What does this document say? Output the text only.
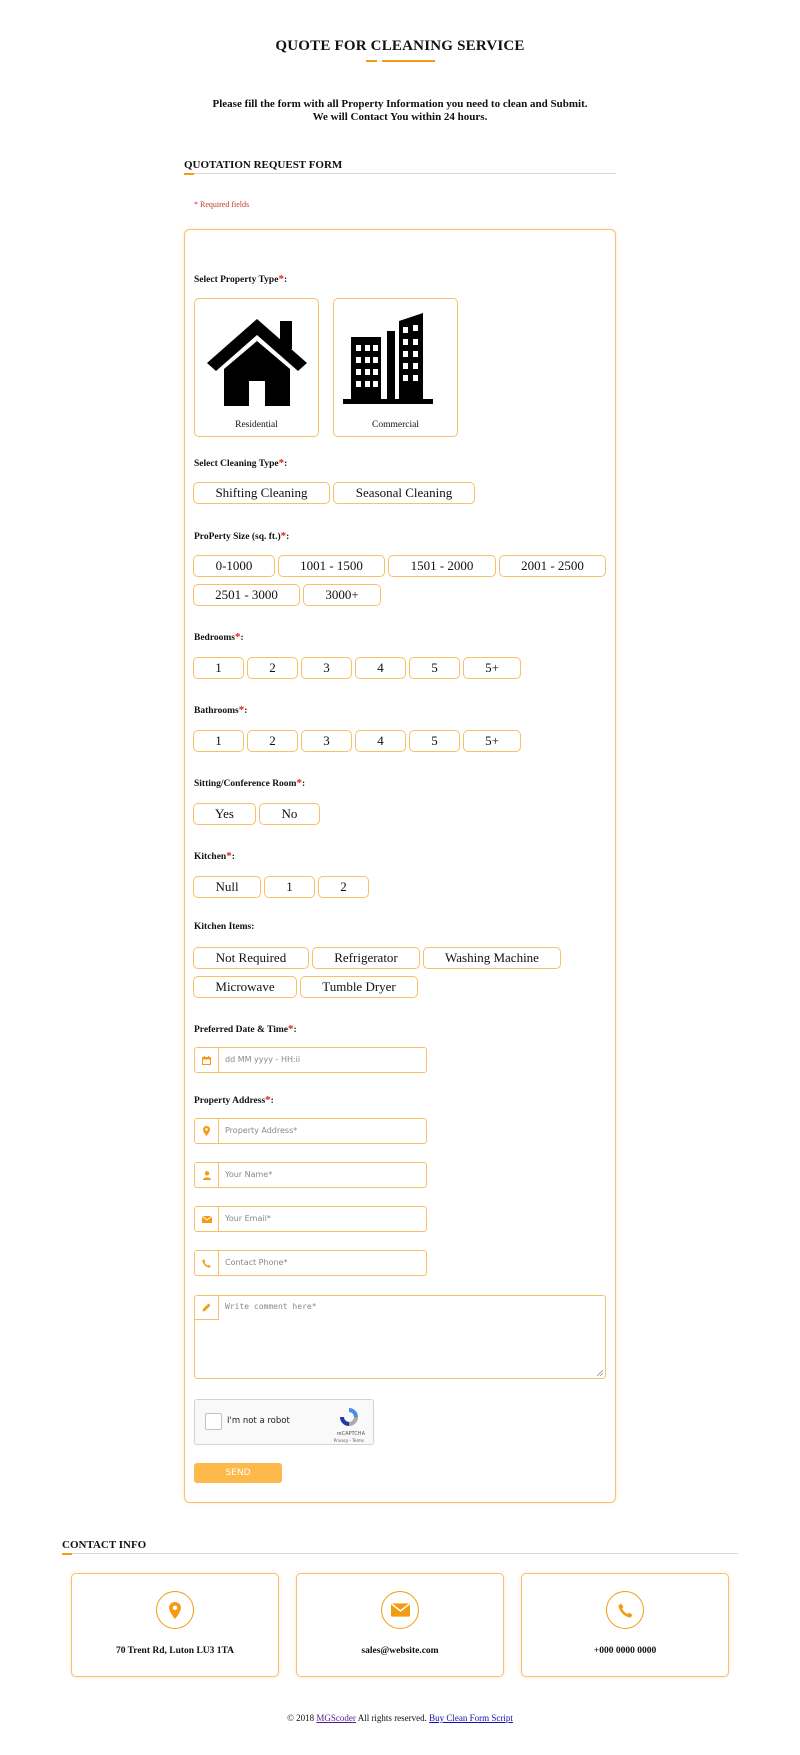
QUOTE FOR CLEANING SERVICE
Please fill the form with all Property Information you need to clean and Submit.
We will Contact You within 24 hours.
QUOTATION REQUEST FORM
* Required fields
Select Property Type*:
Residential	Commercial
Select Cleaning Type*:
Shifting Cleaning	Seasonal Cleaning
ProPerty Size (sq. ft.)*:
0-1000	1001 - 1500	1501 - 2000	2001 - 2500
2501 - 3000	3000+
Bedrooms*:
1	2	3	4	5	5+
Bathrooms*:
1	2	3	4	5	5+
Sitting/Conference Room*:
Yes	No
Kitchen*:
Null	1	2
Kitchen Items:
Not Required	Refrigerator	Washing Machine
Microwave	Tumble Dryer
Preferred Date & Time*:
dd MM yyyy - HH:ii
Property Address*:
Property Address*
Your Name*
Your Email*
Contact Phone*
Write comment here*
I'm not a robot
reCAPTCHA
Privacy - Terms
SEND
CONTACT INFO
70 Trent Rd, Luton LU3 1TA	sales@website.com	+000 0000 0000
© 2018 MGScoder All rights reserved. Buy Clean Form Script
